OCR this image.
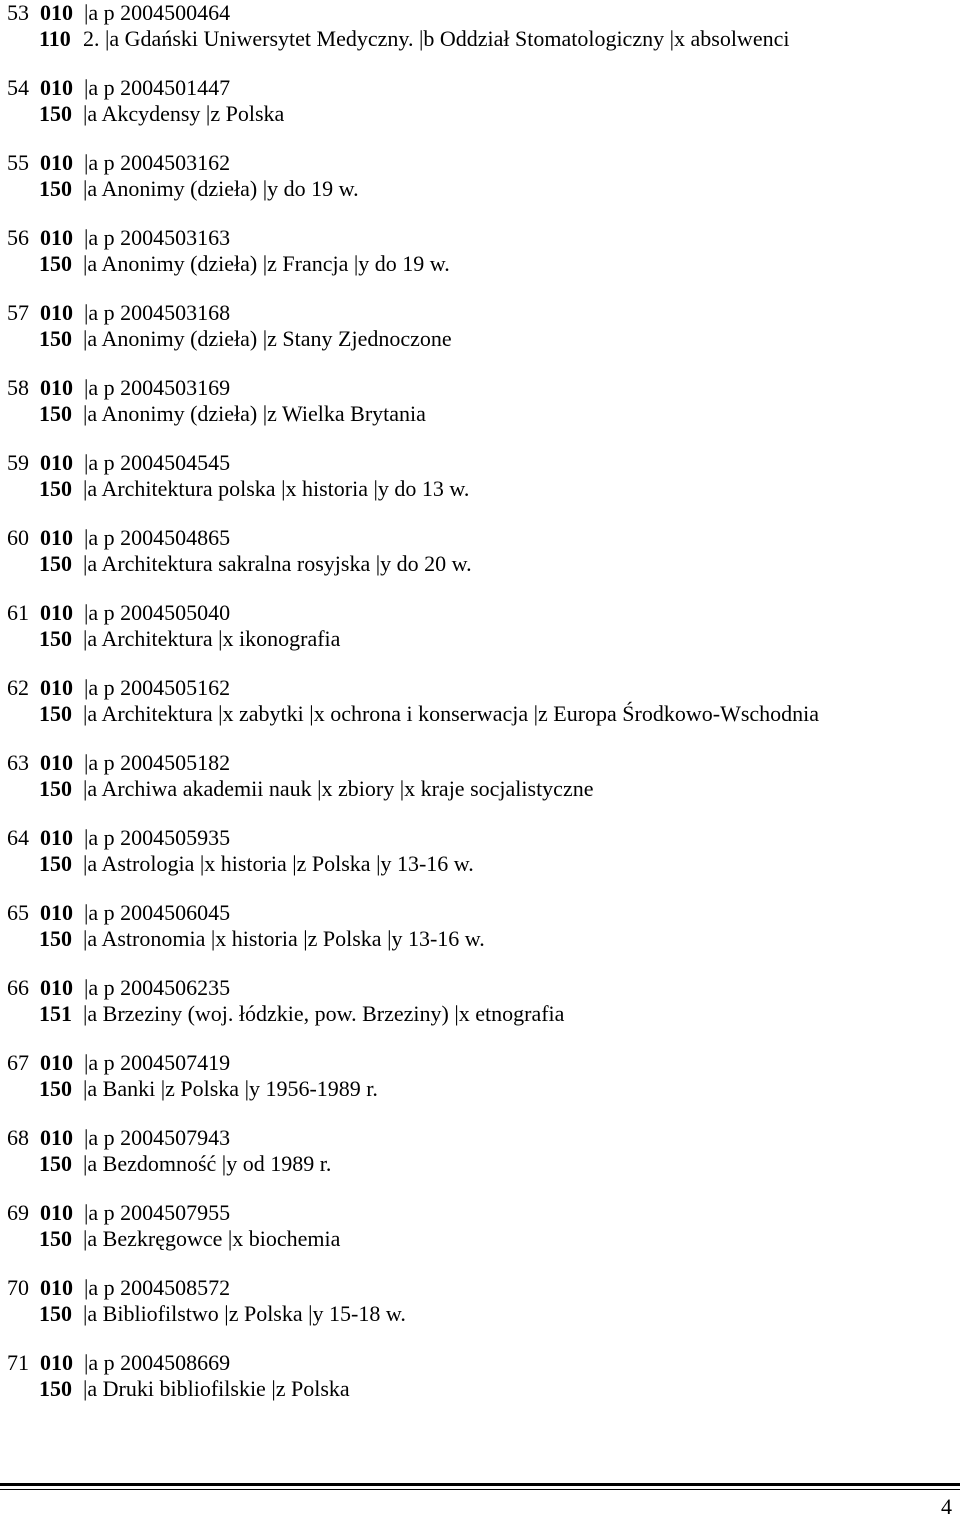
53 010 |a p 2004500464
110 2. |a Gdański Uniwersytet Medyczny. |b Oddział Stomatologiczny |x absolwenci
54 010 |a p 2004501447
150 |a Akcydensy |z Polska
55 010 |a p 2004503162
150 |a Anonimy (dzieła) |y do 19 w.
56 010 |a p 2004503163
150 |a Anonimy (dzieła) |z Francja |y do 19 w.
57 010 |a p 2004503168
150 |a Anonimy (dzieła) |z Stany Zjednoczone
58 010 |a p 2004503169
150 |a Anonimy (dzieła) |z Wielka Brytania
59 010 |a p 2004504545
150 |a Architektura polska |x historia |y do 13 w.
60 010 |a p 2004504865
150 |a Architektura sakralna rosyjska |y do 20 w.
61 010 |a p 2004505040
150 |a Architektura |x ikonografia
62 010 |a p 2004505162
150 |a Architektura |x zabytki |x ochrona i konserwacja |z Europa Środkowo-Wschodnia
63 010 |a p 2004505182
150 |a Archiwa akademii nauk |x zbiory |x kraje socjalistyczne
64 010 |a p 2004505935
150 |a Astrologia |x historia |z Polska |y 13-16 w.
65 010 |a p 2004506045
150 |a Astronomia |x historia |z Polska |y 13-16 w.
66 010 |a p 2004506235
151 |a Brzeziny (woj. łódzkie, pow. Brzeziny) |x etnografia
67 010 |a p 2004507419
150 |a Banki |z Polska |y 1956-1989 r.
68 010 |a p 2004507943
150 |a Bezdomność |y od 1989 r.
69 010 |a p 2004507955
150 |a Bezkręgowce |x biochemia
70 010 |a p 2004508572
150 |a Bibliofilstwo |z Polska |y 15-18 w.
71 010 |a p 2004508669
150 |a Druki bibliofilskie |z Polska
4
